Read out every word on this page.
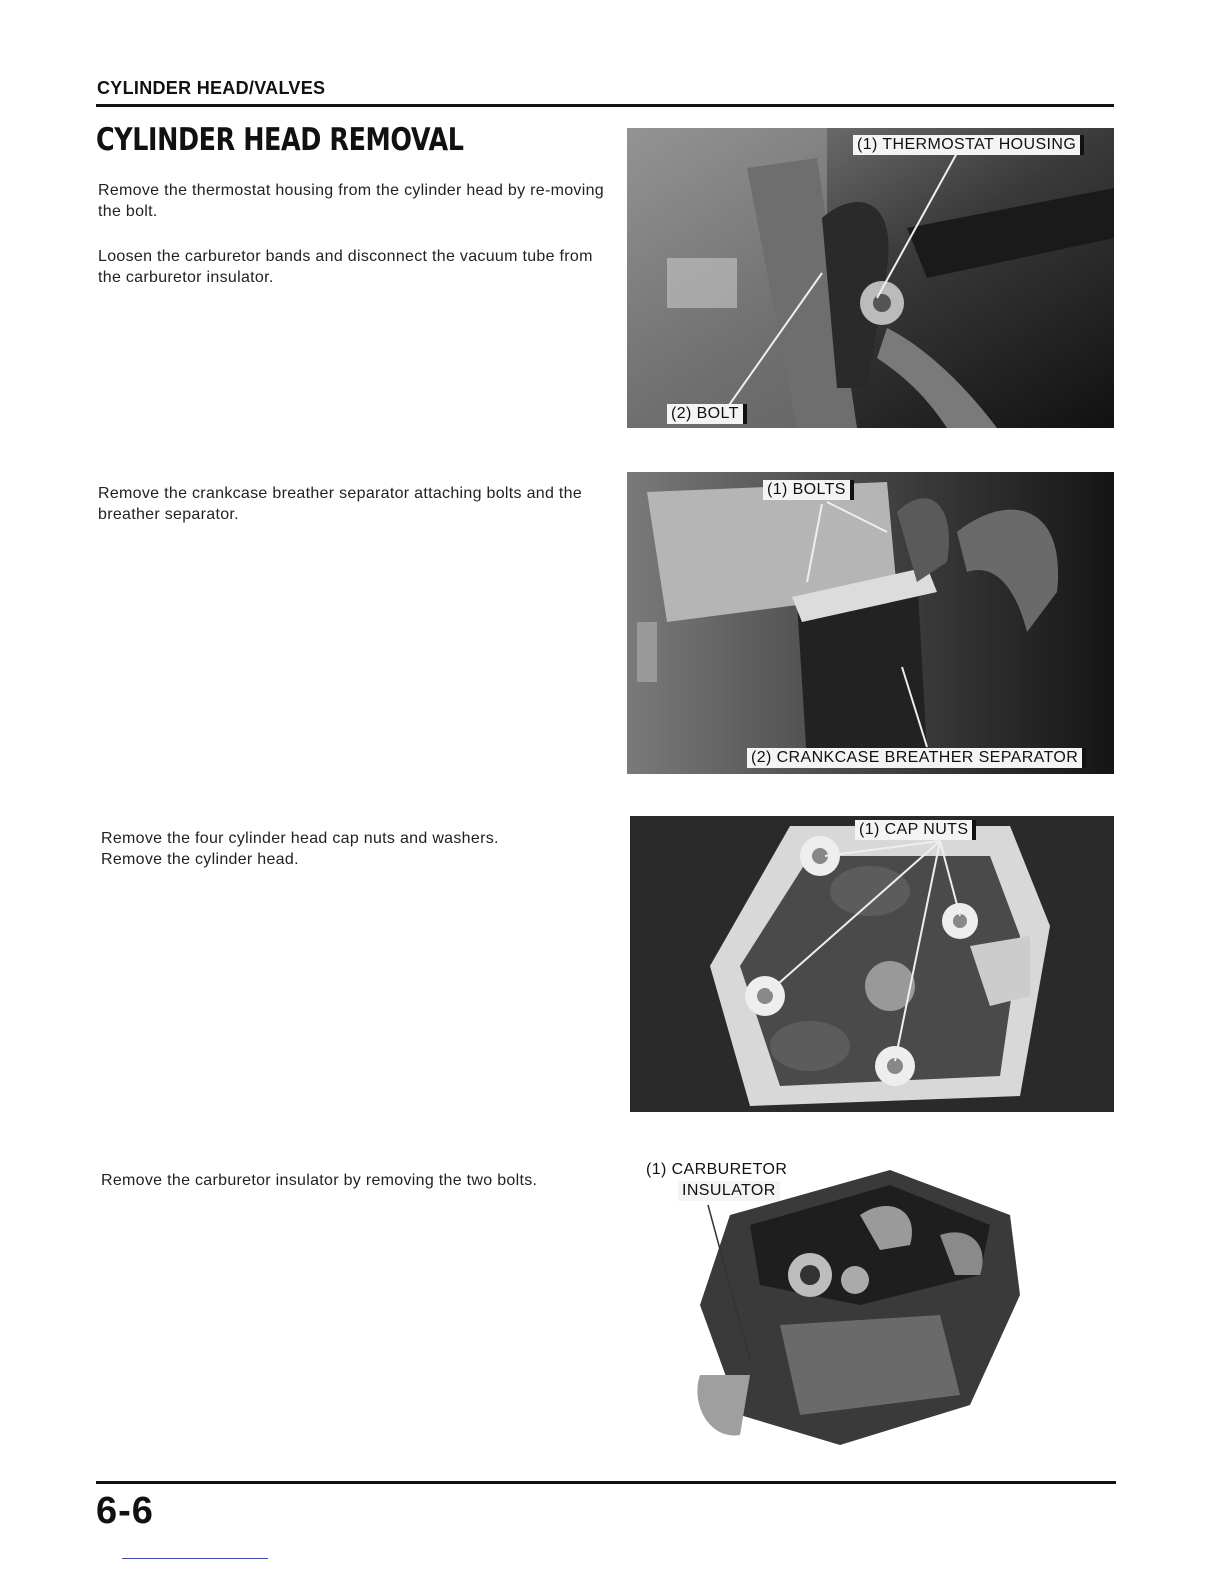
CYLINDER HEAD/VALVES
CYLINDER HEAD REMOVAL
Remove the thermostat housing from the cylinder head by re-moving the bolt.
Loosen the carburetor bands and disconnect the vacuum tube from the carburetor insulator.
(1) THERMOSTAT HOUSING
(2) BOLT
Remove the crankcase breather separator attaching bolts and the breather separator.
(1) BOLTS
(2) CRANKCASE BREATHER SEPARATOR
Remove the four cylinder head cap nuts and washers.
Remove the cylinder head.
(1) CAP NUTS
Remove the carburetor insulator by removing the two bolts.
(1) CARBURETOR
INSULATOR
6-6
